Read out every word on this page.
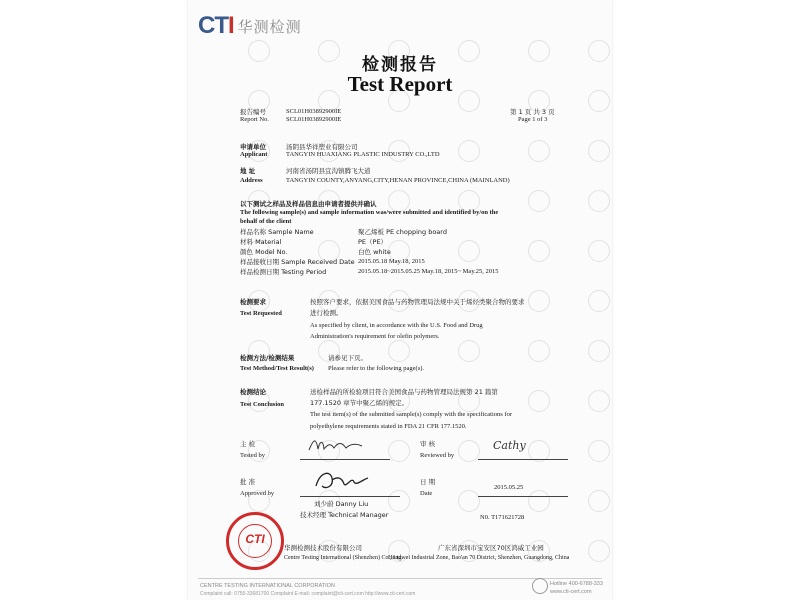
CTI 华测检测
检测报告
Test Report
报告编号
Report No.
SCL01H03892900IE
SCL01H03892900IE
第 1 页 共 3 页
Page 1 of 3
申请单位
Applicant
汤阴县华祥塑业有限公司
TANGYIN HUAXIANG PLASTIC INDUSTRY CO.,LTD
地 址
Address
河南省汤阴县宜沟镇腾飞大道
TANGYIN COUNTY,ANYANG,CITY,HENAN PROVINCE,CHINA (MAINLAND)
以下测试之样品及样品信息由申请者提供并确认
The following sample(s) and sample information was/were submitted and identified by/on the
behalf of the client
样品名称 Sample Name	聚乙烯板 PE chopping board
材料 Material	PE（PE）
颜色 Model No.	白色 white
样品接收日期 Sample Received Date 2015.05.18 May.18, 2015
样品检测日期 Testing Period	2015.05.18~2015.05.25 May.18, 2015~ May.25, 2015
检测要求
Test Requested
按照客户要求，依据美国食品与药物管理局法规中关于烯烃类聚合物的要求
进行检测。
As specified by client, in accordance with the U.S. Food and Drug
Administration's requirement for olefin polymers.
检测方法/检测结果
Test Method/Test Result(s)
请参见下页。
Please refer to the following page(s).
检测结论
Test Conclusion
送检样品的所检验项目符合美国食品与药物管理局法规第 21 篇第
177.1520 章节中聚乙烯的规定。
The test item(s) of the submitted sample(s) comply with the specifications for
polyethylene requirements stated in FDA 21 CFR 177.1520.
主 检
Tested by
审 核
Reviewed by
Cathy
批 准
Approved by
刘少蔚 Danny Liu
技术经理 Technical Manager
日 期
Date
2015.05.25
N0. T171621728
CTI
华测检测技术股份有限公司
Centre Testing International (Shenzhen) Co., Ltd.
广东省深圳市宝安区70区鸿威工业园
Hongwei Industrial Zone, Bao'an 70 District, Shenzhen, Guangdong, China
CENTRE TESTING INTERNATIONAL CORPORATION
Complaint call: 0755-33681700 Complaint E-mail: complaint@cti-cert.com http://www.cti-cert.com
Hotline 400-6788-333
www.cti-cert.com
